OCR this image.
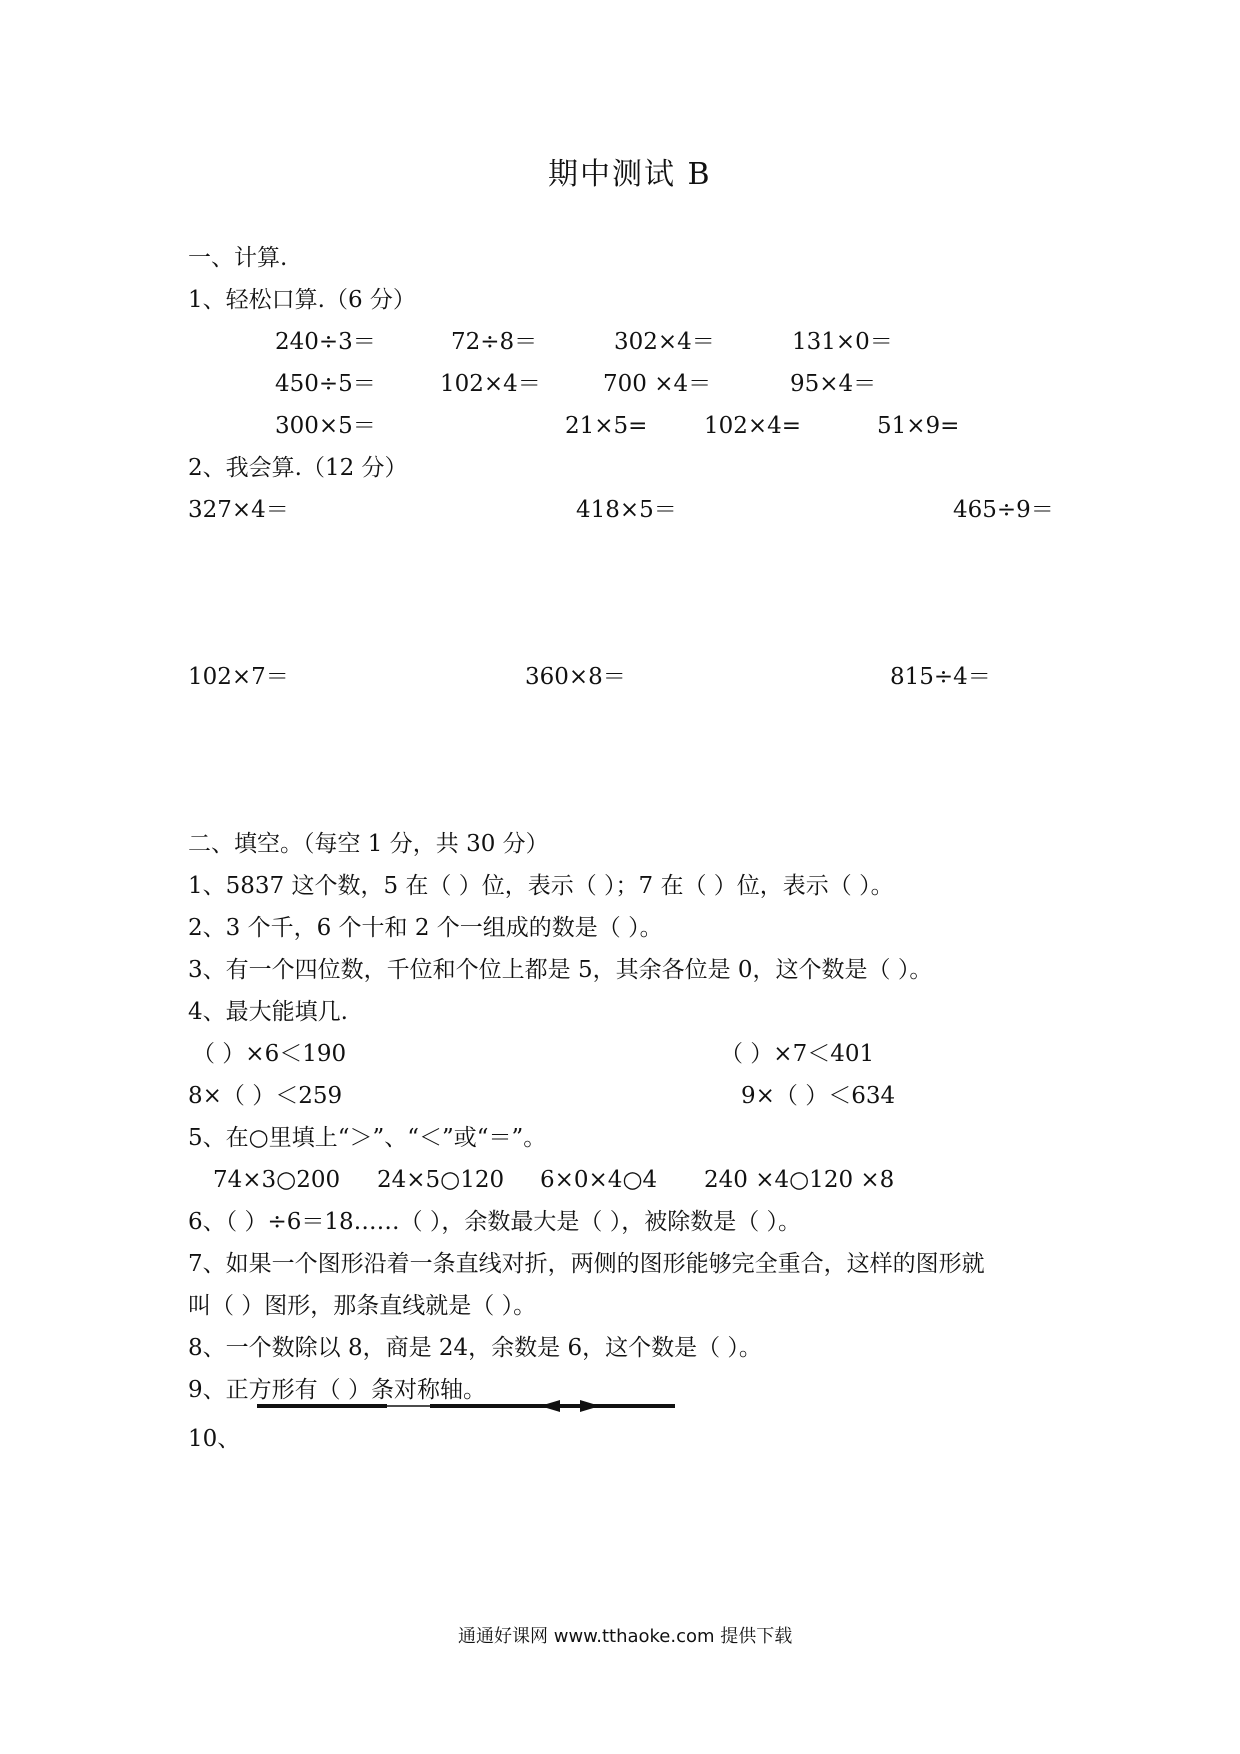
期中测试 B
一、计算.
1、轻松口算.（6 分）
240÷3＝	72÷8＝	302×4＝	131×0＝
450÷5＝	102×4＝	700 ×4＝	95×4＝
300×5＝	21×5= 102×4=	51×9=
2、我会算.（12 分）
327×4＝	418×5＝	465÷9＝
102×7＝	360×8＝	815÷4＝
二、填空。（每空 1 分，共 30 分）
1、5837 这个数，5 在（ ）位，表示（ ）；7 在（ ）位，表示（ ）。
2、3 个千，6 个十和 2 个一组成的数是（ ）。
3、有一个四位数，千位和个位上都是 5，其余各位是 0，这个数是（ ）。
4、最大能填几.
（ ）×6＜190	（ ）×7＜401
8×（ ）＜259	9×（ ）＜634
5、在○里填上“＞”、“＜”或“＝”。
74×3○200 24×5○120 6×0×4○4 240 ×4○120 ×8
6、（ ）÷6＝18……（ ），余数最大是（ ），被除数是（ ）。
7、如果一个图形沿着一条直线对折，两侧的图形能够完全重合，这样的图形就
叫（ ）图形，那条直线就是（ ）。
8、一个数除以 8，商是 24，余数是 6，这个数是（ ）。
9、正方形有（ ）条对称轴。
10、
通通好课网 www.tthaoke.com 提供下载
